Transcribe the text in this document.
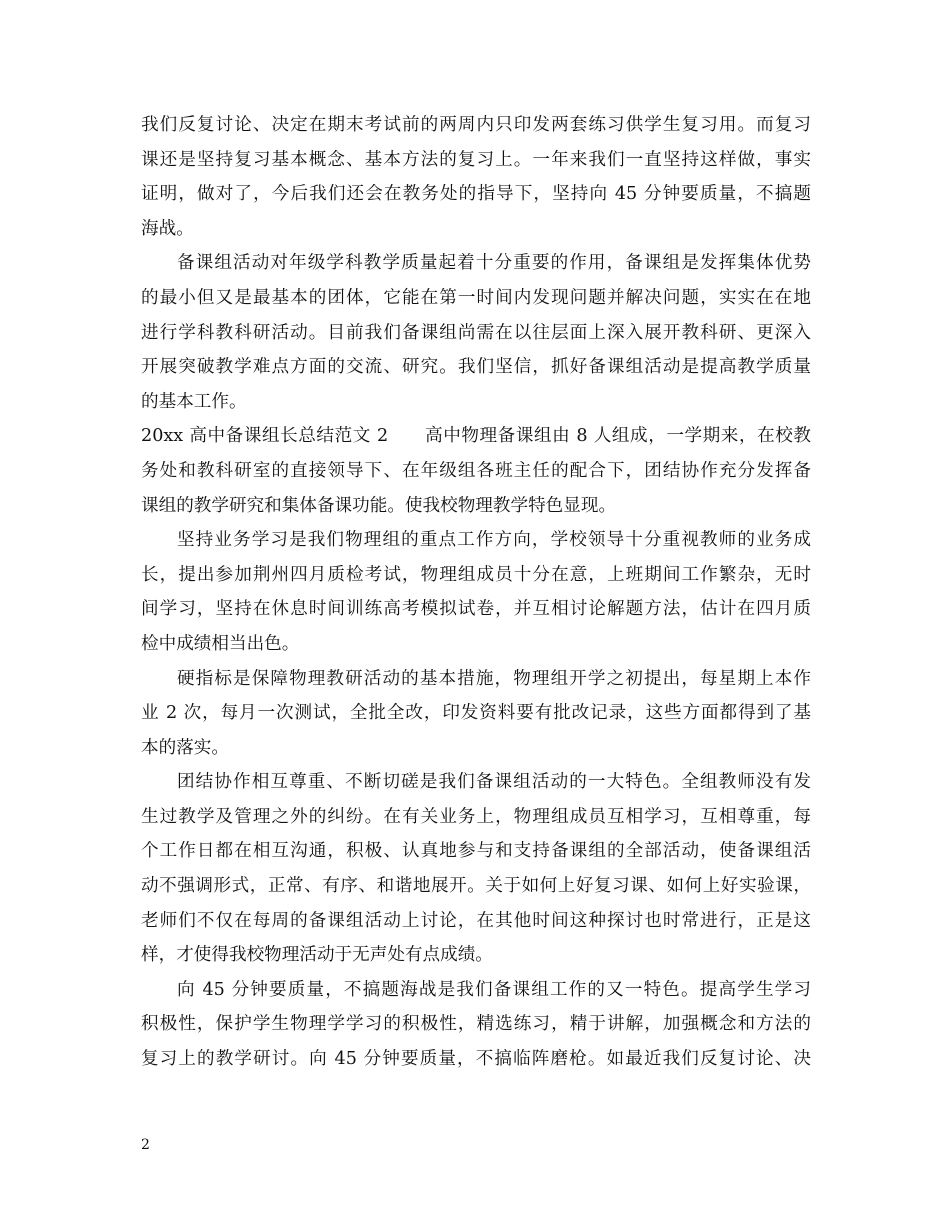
我们反复讨论、决定在期末考试前的两周内只印发两套练习供学生复习用。而复习
课还是坚持复习基本概念、基本方法的复习上。一年来我们一直坚持这样做，事实
证明，做对了，今后我们还会在教务处的指导下，坚持向 45 分钟要质量，不搞题
海战。
备课组活动对年级学科教学质量起着十分重要的作用，备课组是发挥集体优势
的最小但又是最基本的团体，它能在第一时间内发现问题并解决问题，实实在在地
进行学科教科研活动。目前我们备课组尚需在以往层面上深入展开教科研、更深入
开展突破教学难点方面的交流、研究。我们坚信，抓好备课组活动是提高教学质量
的基本工作。
20xx 高中备课组长总结范文 2　　高中物理备课组由 8 人组成，一学期来，在校教
务处和教科研室的直接领导下、在年级组各班主任的配合下，团结协作充分发挥备
课组的教学研究和集体备课功能。使我校物理教学特色显现。
坚持业务学习是我们物理组的重点工作方向，学校领导十分重视教师的业务成
长，提出参加荆州四月质检考试，物理组成员十分在意，上班期间工作繁杂，无时
间学习，坚持在休息时间训练高考模拟试卷，并互相讨论解题方法，估计在四月质
检中成绩相当出色。
硬指标是保障物理教研活动的基本措施，物理组开学之初提出，每星期上本作
业 2 次，每月一次测试，全批全改，印发资料要有批改记录，这些方面都得到了基
本的落实。
团结协作相互尊重、不断切磋是我们备课组活动的一大特色。全组教师没有发
生过教学及管理之外的纠纷。在有关业务上，物理组成员互相学习，互相尊重，每
个工作日都在相互沟通，积极、认真地参与和支持备课组的全部活动，使备课组活
动不强调形式，正常、有序、和谐地展开。关于如何上好复习课、如何上好实验课，
老师们不仅在每周的备课组活动上讨论，在其他时间这种探讨也时常进行，正是这
样，才使得我校物理活动于无声处有点成绩。
向 45 分钟要质量，不搞题海战是我们备课组工作的又一特色。提高学生学习
积极性，保护学生物理学学习的积极性，精选练习，精于讲解，加强概念和方法的
复习上的教学研讨。向 45 分钟要质量，不搞临阵磨枪。如最近我们反复讨论、决
2
